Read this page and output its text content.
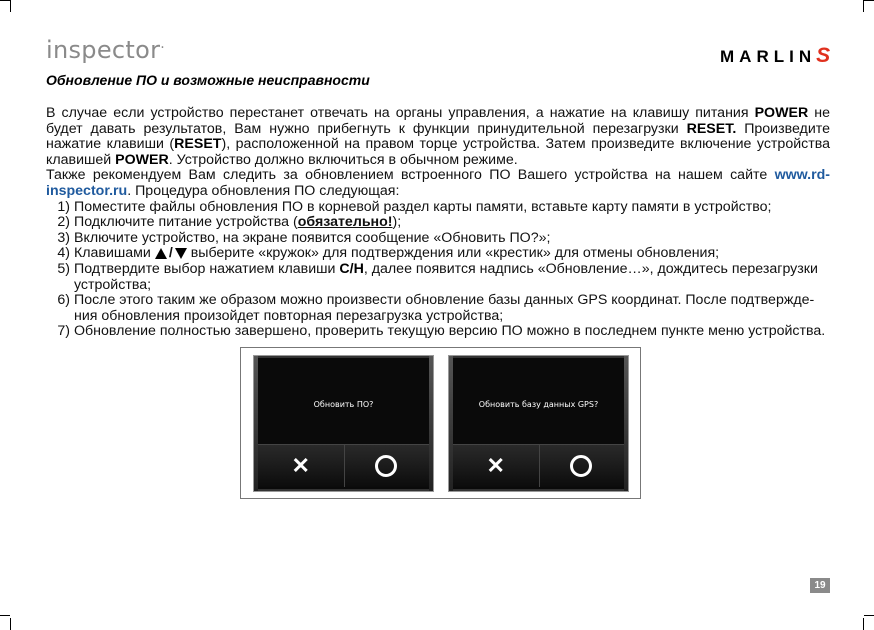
inspector.
MARLINS
Обновление ПО и возможные неисправности

В случае если устройство перестанет отвечать на органы управления, а нажатие на клавишу питания POWER не будет давать результатов, Вам нужно прибегнуть к функции принудительной перезагрузки RESET. Произведите нажатие клавиши (RESET), расположенной на правом торце устройства. Затем произведите включение устройства клавишей POWER. Устройство должно включиться в обычном режиме.

Также рекомендуем Вам следить за обновлением встроенного ПО Вашего устройства на нашем сайте www.rd-inspector.ru. Процедура обновления ПО следующая:

1) Поместите файлы обновления ПО в корневой раздел карты памяти, вставьте карту памяти в устройство;
2) Подключите питание устройства (обязательно!);
3) Включите устройство, на экране появится сообщение «Обновить ПО?»;
4) Клавишами / выберите «кружок» для подтверждения или «крестик» для отмены обновления;
5) Подтвердите выбор нажатием клавиши С/Н, далее появится надпись «Обновление…», дождитесь перезагрузки устройства;
6) После этого таким же образом можно произвести обновление базы данных GPS координат. После подтвержде-ния обновления произойдет повторная перезагрузка устройства;
7) Обновление полностью завершено, проверить текущую версию ПО можно в последнем пункте меню устройства.
Обновить ПО?
✕
Обновить базу данных GPS?
✕
19
